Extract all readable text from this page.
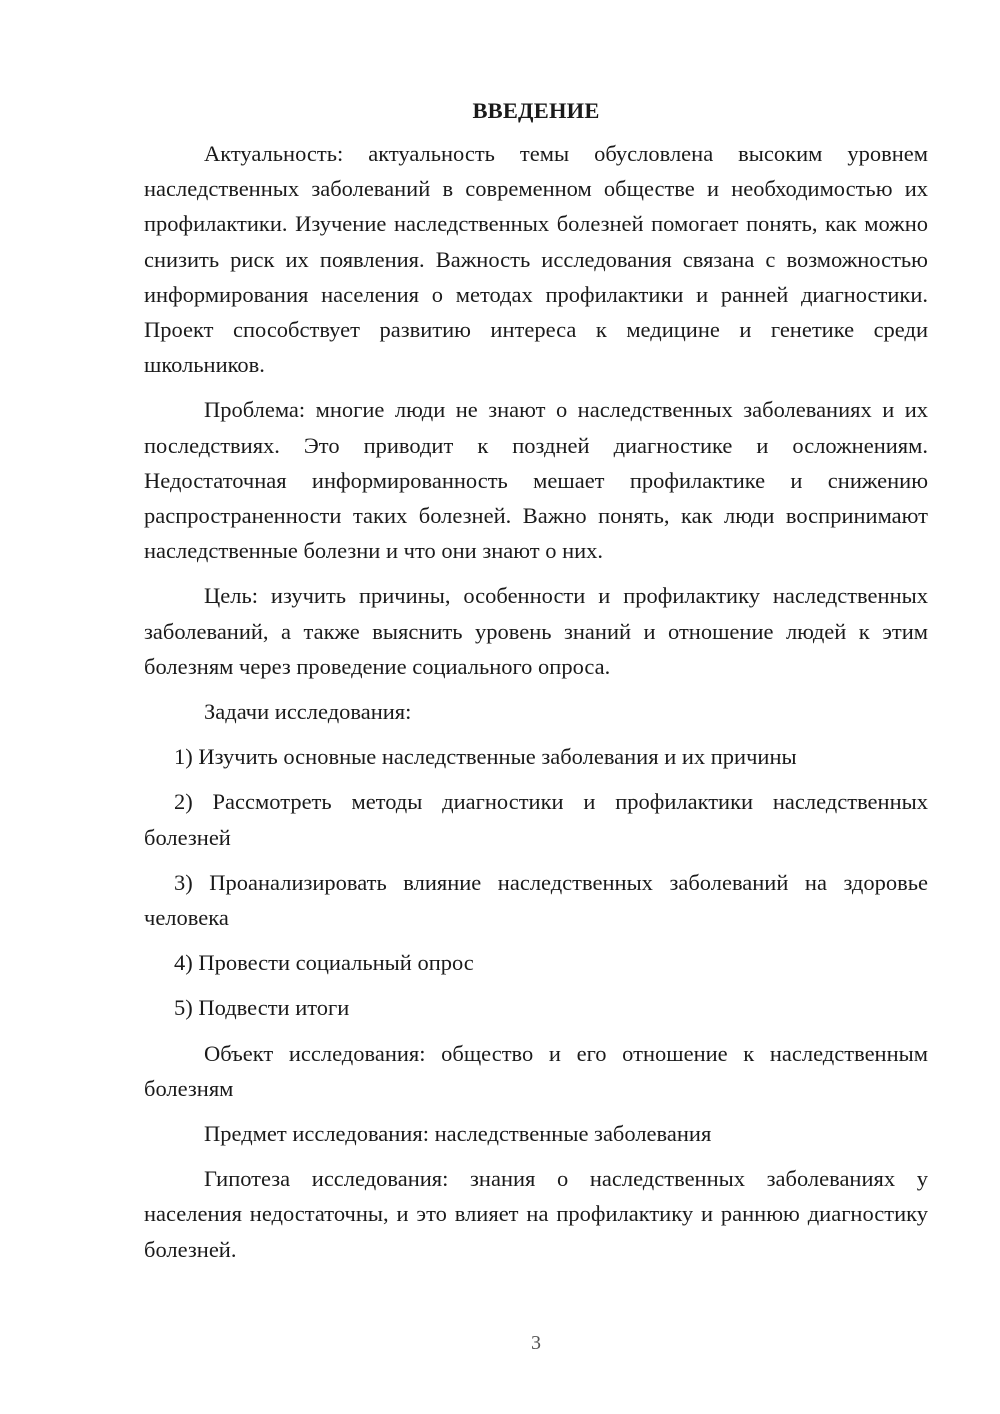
ВВЕДЕНИЕ

Актуальность: актуальность темы обусловлена высоким уровнем наследственных заболеваний в современном обществе и необходимостью их профилактики. Изучение наследственных болезней помогает понять, как можно снизить риск их появления. Важность исследования связана с возможностью информирования населения о методах профилактики и ранней диагностики. Проект способствует развитию интереса к медицине и генетике среди школьников.

Проблема: многие люди не знают о наследственных заболеваниях и их последствиях. Это приводит к поздней диагностике и осложнениям. Недостаточная информированность мешает профилактике и снижению распространенности таких болезней. Важно понять, как люди воспринимают наследственные болезни и что они знают о них.

Цель: изучить причины, особенности и профилактику наследственных заболеваний, а также выяснить уровень знаний и отношение людей к этим болезням через проведение социального опроса.

Задачи исследования:

1) Изучить основные наследственные заболевания и их причины

2) Рассмотреть методы диагностики и профилактики наследственных болезней

3) Проанализировать влияние наследственных заболеваний на здоровье человека

4) Провести социальный опрос

5) Подвести итоги

Объект исследования: общество и его отношение к наследственным болезням

Предмет исследования: наследственные заболевания

Гипотеза исследования: знания о наследственных заболеваниях у населения недостаточны, и это влияет на профилактику и раннюю диагностику болезней.

3
